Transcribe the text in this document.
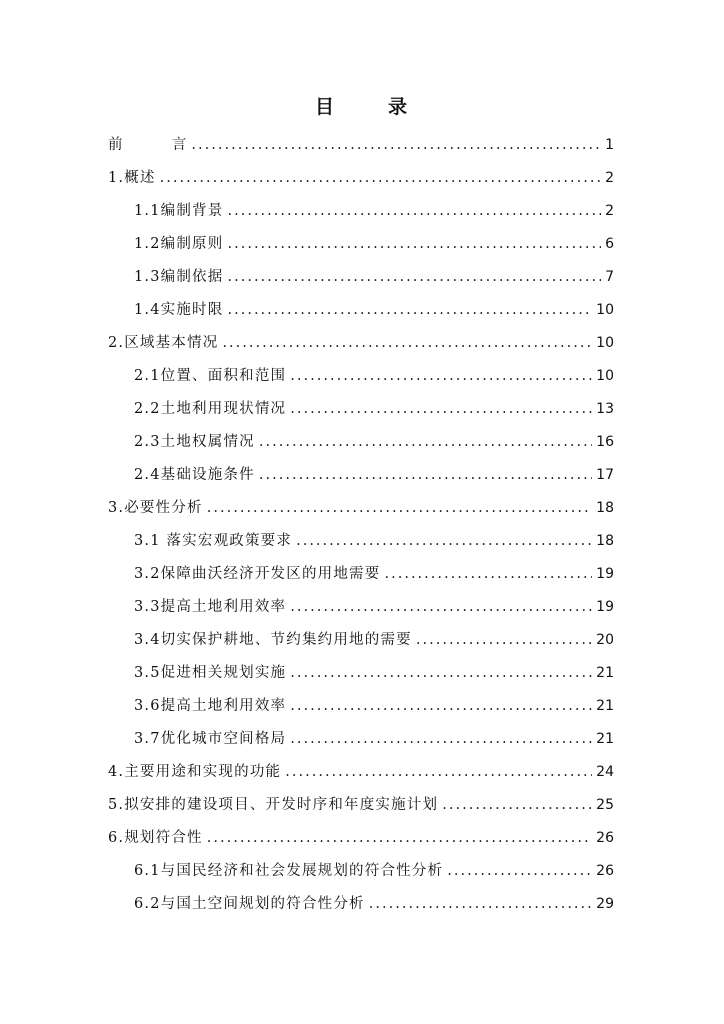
目	录
前	言 . . .	1
1.概述 . . .	2
1.1编制背景 . . .	2
1.2编制原则 . . .	6
1.3编制依据 . . .	7
1.4实施时限 . . .	10
2.区域基本情况 . . .	10
2.1位置、面积和范围 . . .	10
2.2土地利用现状情况 . . .	13
2.3土地权属情况 . . .	16
2.4基础设施条件 . . .	17
3.必要性分析 . . .	18
3.1 落实宏观政策要求 . . .	18
3.2保障曲沃经济开发区的用地需要 . . .	19
3.3提高土地利用效率 . . .	19
3.4切实保护耕地、节约集约用地的需要 . . .	20
3.5促进相关规划实施 . . .	21
3.6提高土地利用效率 . . .	21
3.7优化城市空间格局 . . .	21
4.主要用途和实现的功能 . . .	24
5.拟安排的建设项目、开发时序和年度实施计划 . . .	25
6.规划符合性 . . .	26
6.1与国民经济和社会发展规划的符合性分析 . . .	26
6.2与国土空间规划的符合性分析 . . .	29
